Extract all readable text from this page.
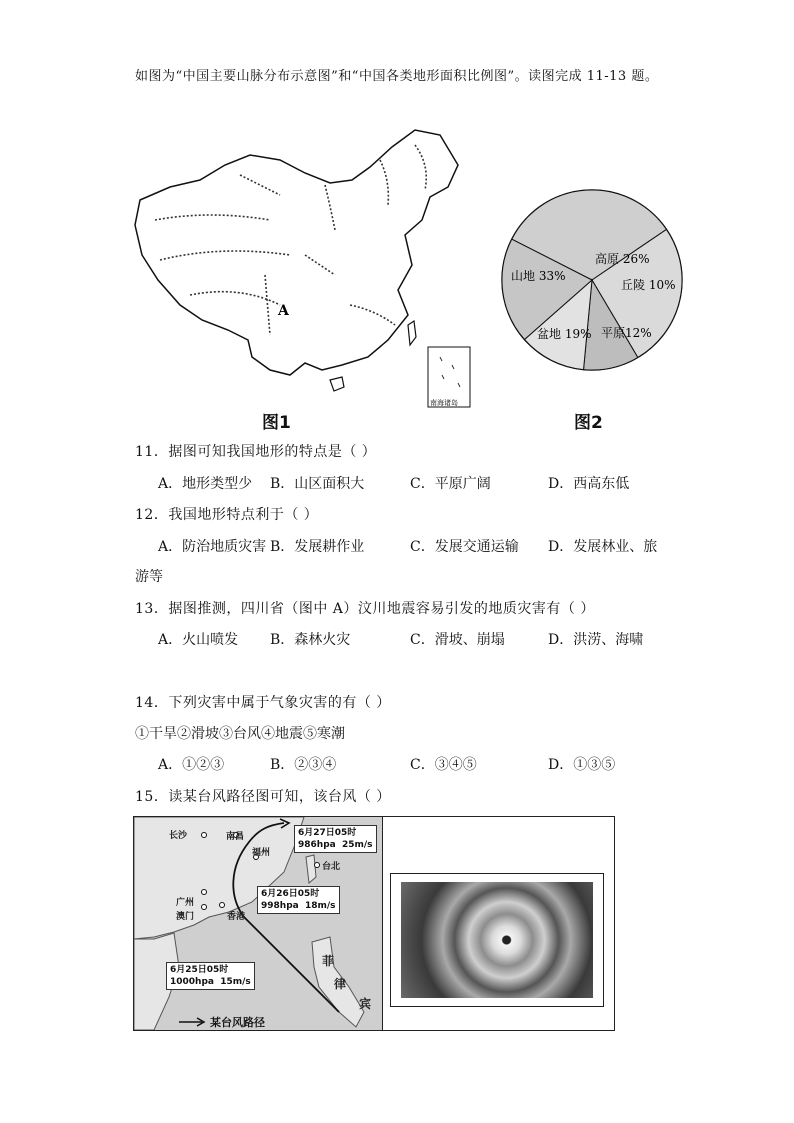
如图为“中国主要山脉分布示意图”和“中国各类地形面积比例图”。读图完成 11-13 题。
A
南海诸岛
图1
山地 33%
高原 26%
丘陵 10%
平原12%
盆地 19%
图2
11．据图可知我国地形的特点是（ ）
A．地形类型少 B．山区面积大	C．平原广阔	D．西高东低
12．我国地形特点利于（ ）
A．防治地质灾害 B．发展耕作业	C．发展交通运输 D．发展林业、旅
游等
13．据图推测，四川省（图中 A）汶川地震容易引发的地质灾害有（ ）
A．火山喷发 B．森林火灾	C．滑坡、崩塌	D．洪涝、海啸
14．下列灾害中属于气象灾害的有（ ）
①干旱②滑坡③台风④地震⑤寒潮
A．①②③	B．②③④	C．③④⑤	D．①③⑤
15．读某台风路径图可知，该台风（ ）
长沙	南昌
福州
台北
广州
澳门	香港
菲
律
宾
6月27日05时
986hpa  25m/s
6月26日05时
998hpa  18m/s
6月25日05时
1000hpa  15m/s
某台风路径
